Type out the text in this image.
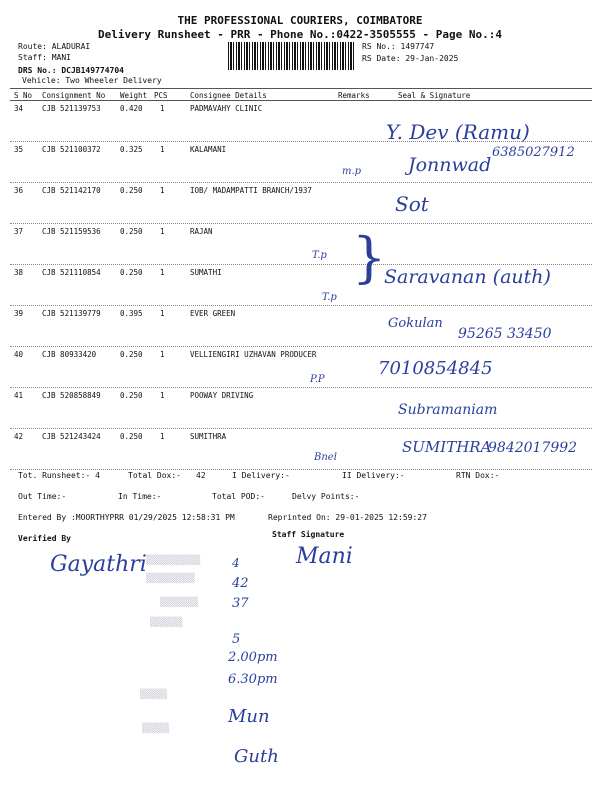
THE PROFESSIONAL COURIERS, COIMBATORE
Delivery Runsheet - PRR - Phone No.:0422-3505555 - Page No.:4
Route: ALADURAI
Staff: MANI
DRS No.: DCJB149774704
Vehicle: Two Wheeler Delivery
RS No.: 1497747
RS Date: 29-Jan-2025
S No Consignment No Weight PCS	Consignee Details	Remarks	Seal & Signature
34	CJB 521139753	0.420 1	PADMAVAHY CLINIC
35	CJB 521100372	0.325 1	KALAMANI
36	CJB 521142170	0.250 1	IOB/ MADAMPATTI BRANCH/1937
37	CJB 521159536	0.250 1	RAJAN
38	CJB 521110854	0.250 1	SUMATHI
39	CJB 521139779	0.395 1	EVER GREEN
40	CJB 80933420	0.250 1	VELLIENGIRI UZHAVAN PRODUCER
41	CJB 520858849	0.250 1	POOWAY DRIVING
42	CJB 521243424	0.250 1	SUMITHRA
Y. Dev (Ramu)
6385027912
Jonnwad
m.p
Sot
T.p }
T.p
Saravanan (auth)
Gokulan
95265 33450
P.P
7010854845
Subramaniam
Bnel
SUMITHRA
9842017992
Tot. Runsheet:- 4	Total Dox:- 42	I Delivery:-	II Delivery:-	RTN Dox:-
Out Time:-	In Time:-	Total POD:-	Delvy Points:-
Entered By :MOORTHYPRR 01/29/2025 12:58:31 PM	Reprinted On: 29-01-2025 12:59:27
Verified By	Staff Signature
Gayathri	Mani
▒▒▒▒▒▒▒▒▒▒	4
▒▒▒▒▒▒▒▒▒	42
▒▒▒▒▒▒▒	37
▒▒▒▒▒▒
5
2.00pm
6.30pm
▒▒▒▒▒
Mun
▒▒▒▒▒
Guth
